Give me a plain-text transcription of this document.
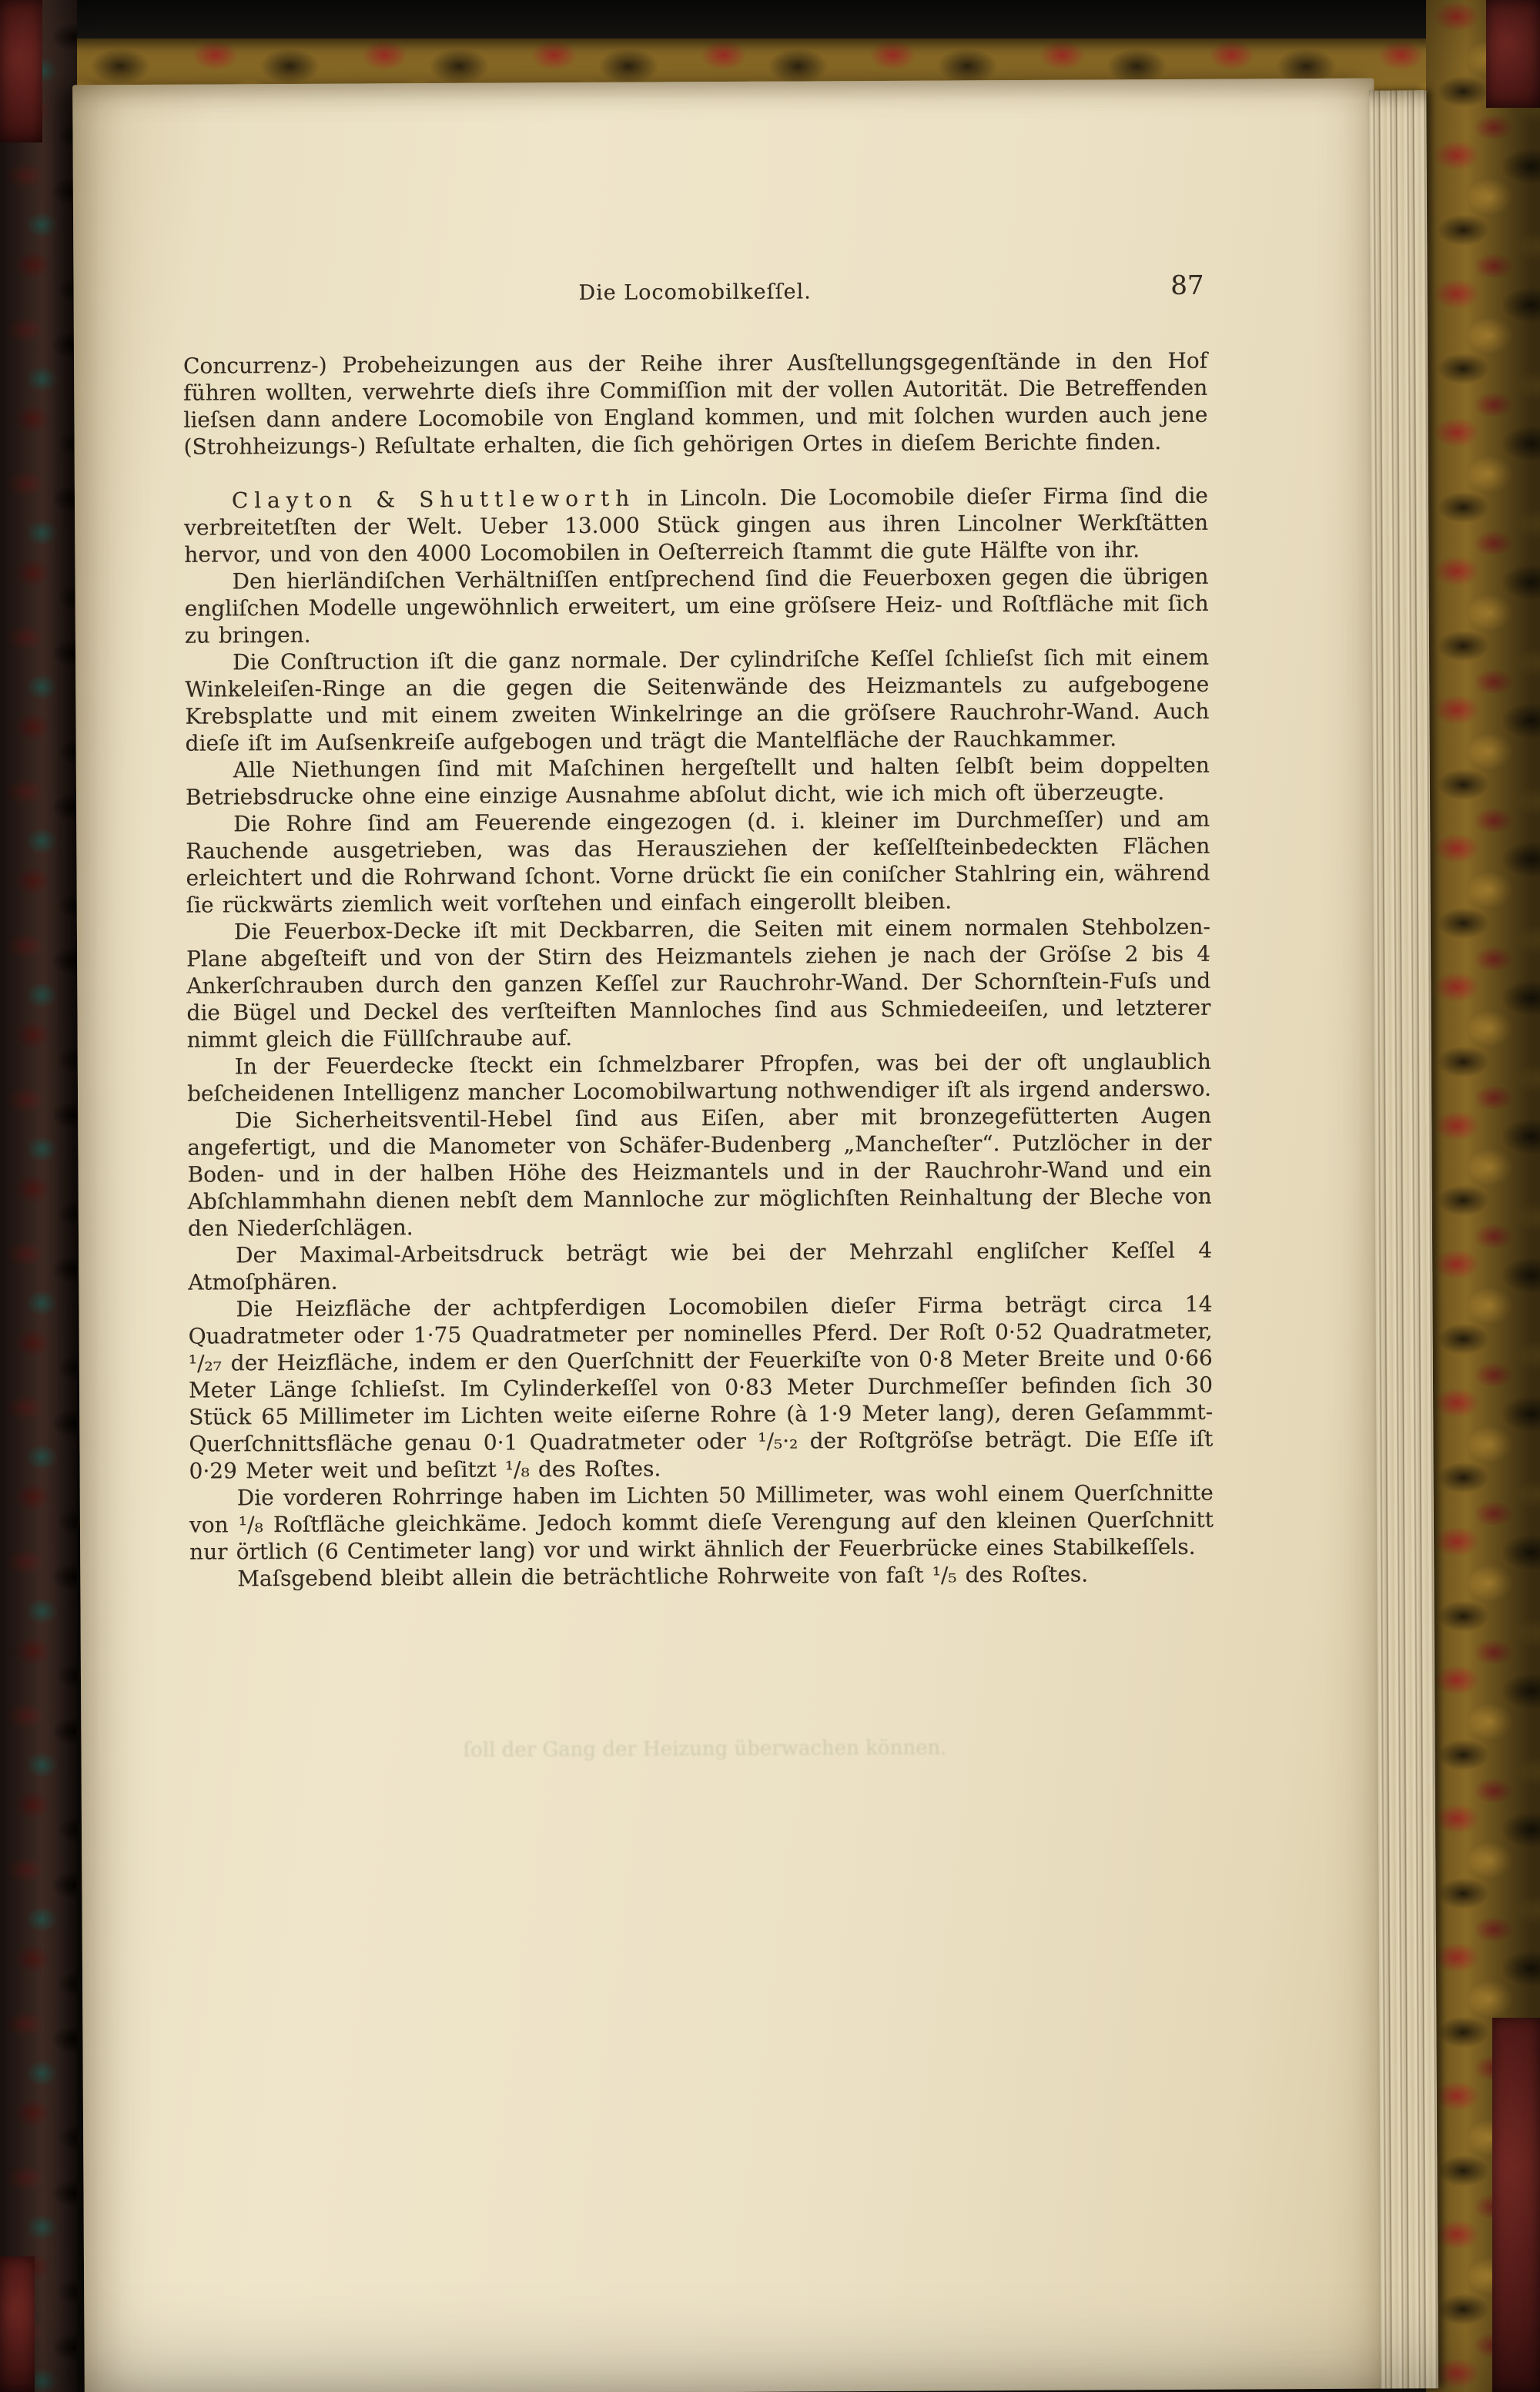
Die Locomobilkeſſel.	87

Concurrenz-) Probeheizungen aus der Reihe ihrer Ausſtellungsgegenſtände in den Hof führen wollten, verwehrte dieſs ihre Commiſſion mit der vollen Autorität. Die Betreffenden lieſsen dann andere Locomobile von England kommen, und mit ſolchen wurden auch jene (Strohheizungs-) Reſultate erhalten, die ſich gehörigen Ortes in dieſem Berichte finden.

Clayton & Shuttleworth in Lincoln. Die Locomobile dieſer Firma ſind die verbreitetſten der Welt. Ueber 13.000 Stück gingen aus ihren Lincolner Werkſtätten hervor, und von den 4000 Locomobilen in Oeſterreich ſtammt die gute Hälfte von ihr.

Den hierländiſchen Verhältniſſen entſprechend ſind die Feuerboxen gegen die übrigen engliſchen Modelle ungewöhnlich erweitert, um eine gröſsere Heiz- und Roſtfläche mit ſich zu bringen.

Die Conſtruction iſt die ganz normale. Der cylindriſche Keſſel ſchlieſst ſich mit einem Winkeleiſen-Ringe an die gegen die Seitenwände des Heizmantels zu aufgebogene Krebsplatte und mit einem zweiten Winkelringe an die gröſsere Rauchrohr-Wand. Auch dieſe iſt im Auſsenkreiſe aufgebogen und trägt die Mantelfläche der Rauchkammer.

Alle Niethungen ſind mit Maſchinen hergeſtellt und halten ſelbſt beim doppelten Betriebsdrucke ohne eine einzige Ausnahme abſolut dicht, wie ich mich oft überzeugte.

Die Rohre ſind am Feuerende eingezogen (d. i. kleiner im Durchmeſſer) und am Rauchende ausgetrieben, was das Herausziehen der keſſelſteinbedeckten Flächen erleichtert und die Rohrwand ſchont. Vorne drückt ſie ein coniſcher Stahlring ein, während ſie rückwärts ziemlich weit vorſtehen und einfach eingerollt bleiben.

Die Feuerbox-Decke iſt mit Deckbarren, die Seiten mit einem normalen Stehbolzen-Plane abgeſteift und von der Stirn des Heizmantels ziehen je nach der Gröſse 2 bis 4 Ankerſchrauben durch den ganzen Keſſel zur Rauchrohr-Wand. Der Schornſtein-Fuſs und die Bügel und Deckel des verſteiften Mannloches ſind aus Schmiedeeiſen, und letzterer nimmt gleich die Füllſchraube auf.

In der Feuerdecke ſteckt ein ſchmelzbarer Pfropfen, was bei der oft unglaublich beſcheidenen Intelligenz mancher Locomobilwartung nothwendiger iſt als irgend anderswo.

Die Sicherheitsventil-Hebel ſind aus Eiſen, aber mit bronzegefütterten Augen angefertigt, und die Manometer von Schäfer-Budenberg „Mancheſter“. Putzlöcher in der Boden- und in der halben Höhe des Heizmantels und in der Rauchrohr-Wand und ein Abſchlammhahn dienen nebſt dem Mannloche zur möglichſten Reinhaltung der Bleche von den Niederſchlägen.

Der Maximal-Arbeitsdruck beträgt wie bei der Mehrzahl engliſcher Keſſel 4 Atmoſphären.

Die Heizfläche der achtpferdigen Locomobilen dieſer Firma beträgt circa 14 Quadratmeter oder 1·75 Quadratmeter per nominelles Pferd. Der Roſt 0·52 Quadratmeter, ¹/₂₇ der Heizfläche, indem er den Querſchnitt der Feuerkiſte von 0·8 Meter Breite und 0·66 Meter Länge ſchlieſst. Im Cylinderkeſſel von 0·83 Meter Durchmeſſer befinden ſich 30 Stück 65 Millimeter im Lichten weite eiſerne Rohre (à 1·9 Meter lang), deren Geſammmt-Querſchnittsfläche genau 0·1 Quadratmeter oder ¹/₅·₂ der Roſtgröſse beträgt. Die Eſſe iſt 0·29 Meter weit und beſitzt ¹/₈ des Roſtes.

Die vorderen Rohrringe haben im Lichten 50 Millimeter, was wohl einem Querſchnitte von ¹/₈ Roſtfläche gleichkäme. Jedoch kommt dieſe Verengung auf den kleinen Querſchnitt nur örtlich (6 Centimeter lang) vor und wirkt ähnlich der Feuerbrücke eines Stabilkeſſels.

Maſsgebend bleibt allein die beträchtliche Rohrweite von faſt ¹/₅ des Roſtes.

ſoll der Gang der Heizung überwachen können.
